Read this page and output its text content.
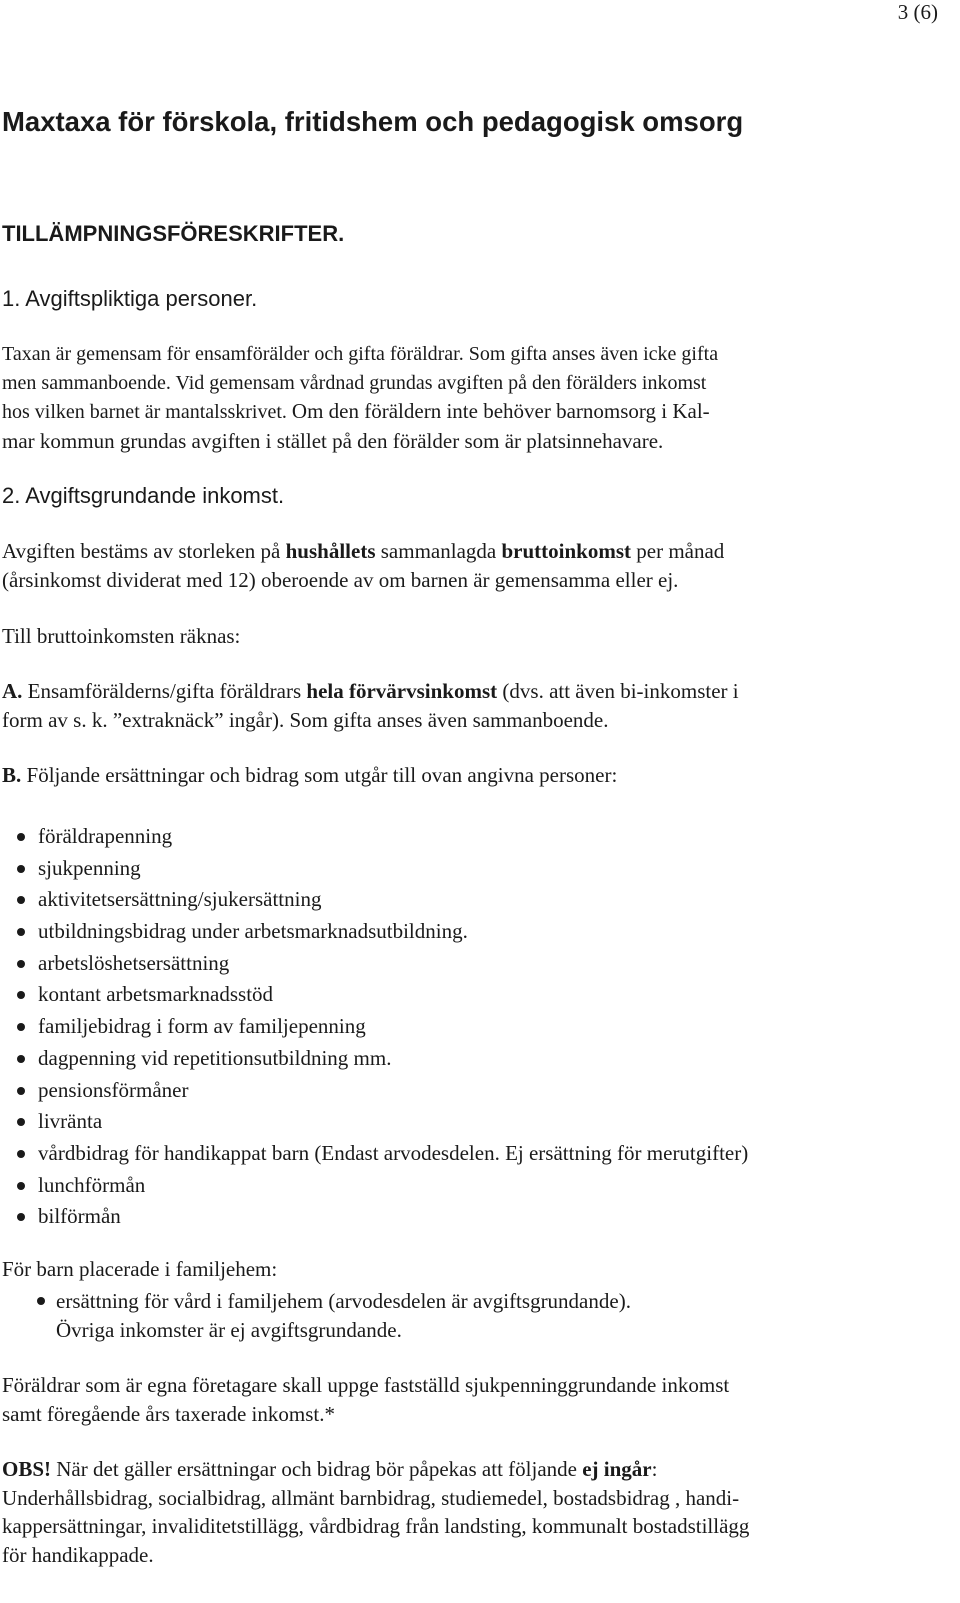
3 (6)
Maxtaxa för förskola, fritidshem och pedagogisk omsorg
TILLÄMPNINGSFÖRESKRIFTER.
1. Avgiftspliktiga personer.
Taxan är gemensam för ensamförälder och gifta föräldrar. Som gifta anses även icke gifta
men sammanboende. Vid gemensam vårdnad grundas avgiften på den förälders inkomst
hos vilken barnet är mantalsskrivet. Om den föräldern inte behöver barnomsorg i Kal-
mar kommun grundas avgiften i stället på den förälder som är platsinnehavare.
2. Avgiftsgrundande inkomst.
Avgiften bestäms av storleken på hushållets sammanlagda bruttoinkomst per månad
(årsinkomst dividerat med 12) oberoende av om barnen är gemensamma eller ej.
Till bruttoinkomsten räknas:
A. Ensamförälderns/gifta föräldrars hela förvärvsinkomst (dvs. att även bi-inkomster i
form av s. k. ”extraknäck” ingår). Som gifta anses även sammanboende.
B. Följande ersättningar och bidrag som utgår till ovan angivna personer:
föräldrapenning
sjukpenning
aktivitetsersättning/sjukersättning
utbildningsbidrag under arbetsmarknadsutbildning.
arbetslöshetsersättning
kontant arbetsmarknadsstöd
familjebidrag i form av familjepenning
dagpenning vid repetitionsutbildning mm.
pensionsförmåner
livränta
vårdbidrag för handikappat barn (Endast arvodesdelen. Ej ersättning för merutgifter)
lunchförmån
bilförmån
För barn placerade i familjehem:
ersättning för vård i familjehem (arvodesdelen är avgiftsgrundande).
Övriga inkomster är ej avgiftsgrundande.
Föräldrar som är egna företagare skall uppge fastställd sjukpenninggrundande inkomst
samt föregående års taxerade inkomst.*
OBS! När det gäller ersättningar och bidrag bör påpekas att följande ej ingår:
Underhållsbidrag, socialbidrag, allmänt barnbidrag, studiemedel, bostadsbidrag , handi-
kappersättningar, invaliditetstillägg, vårdbidrag från landsting, kommunalt bostadstillägg
för handikappade.
